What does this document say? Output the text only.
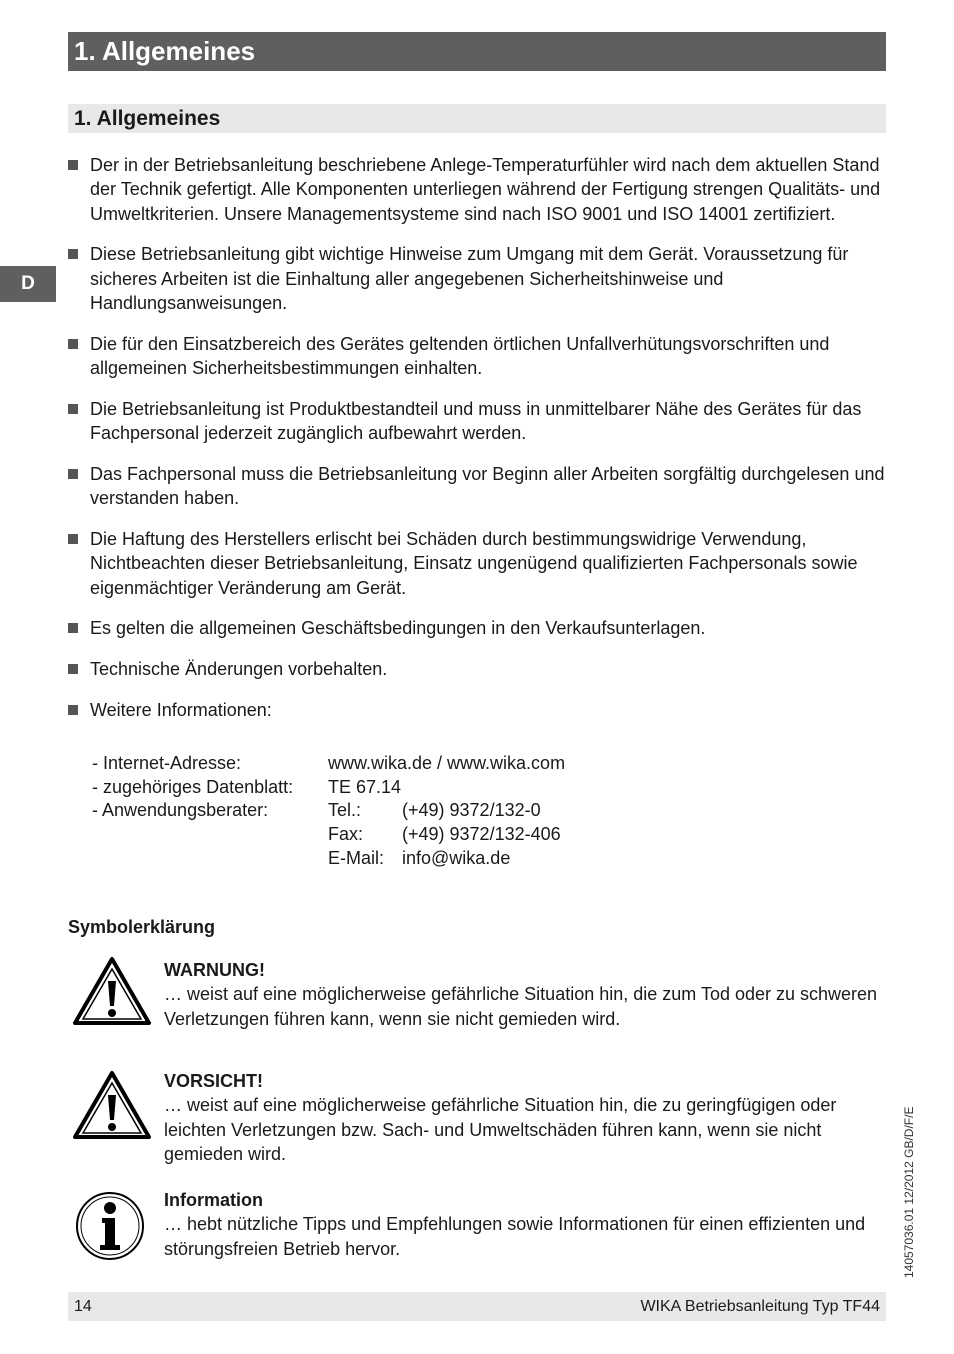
1. Allgemeines
1. Allgemeines
D
Der in der Betriebsanleitung beschriebene Anlege-Temperaturfühler wird nach dem aktuellen Stand der Technik gefertigt. Alle Komponenten unterliegen während der Fertigung strengen Qualitäts- und Umweltkriterien. Unsere Managementsysteme sind nach ISO 9001 und ISO 14001 zertifiziert.
Diese Betriebsanleitung gibt wichtige Hinweise zum Umgang mit dem Gerät. Voraussetzung für sicheres Arbeiten ist die Einhaltung aller angegebenen Sicherheitshinweise und Handlungsanweisungen.
Die für den Einsatzbereich des Gerätes geltenden örtlichen Unfallverhütungsvorschriften und allgemeinen Sicherheitsbestimmungen einhalten.
Die Betriebsanleitung ist Produktbestandteil und muss in unmittelbarer Nähe des Gerätes für das Fachpersonal jederzeit zugänglich aufbewahrt werden.
Das Fachpersonal muss die Betriebsanleitung vor Beginn aller Arbeiten sorgfältig durchgelesen und verstanden haben.
Die Haftung des Herstellers erlischt bei Schäden durch bestimmungswidrige Verwendung, Nichtbeachten dieser Betriebsanleitung, Einsatz ungenügend qualifizierten Fachpersonals sowie eigenmächtiger Veränderung am Gerät.
Es gelten die allgemeinen Geschäftsbedingungen in den Verkaufsunterlagen.
Technische Änderungen vorbehalten.
Weitere Informationen:
- Internet-Adresse:	www.wika.de / www.wika.com
- zugehöriges Datenblatt: TE 67.14
- Anwendungsberater:	Tel.: (+49) 9372/132-0
Fax: (+49) 9372/132-406
E-Mail: info@wika.de
Symbolerklärung
WARNUNG!
… weist auf eine möglicherweise gefährliche Situation hin, die zum Tod oder zu schweren Verletzungen führen kann, wenn sie nicht gemieden wird.
VORSICHT!
… weist auf eine möglicherweise gefährliche Situation hin, die zu geringfügigen oder leichten Verletzungen bzw. Sach- und Umweltschäden führen kann, wenn sie nicht gemieden wird.
Information
… hebt nützliche Tipps und Empfehlungen sowie Informationen für einen effizienten und störungsfreien Betrieb hervor.	14057036.01 12/2012 GB/D/F/E
14	WIKA Betriebsanleitung Typ TF44
